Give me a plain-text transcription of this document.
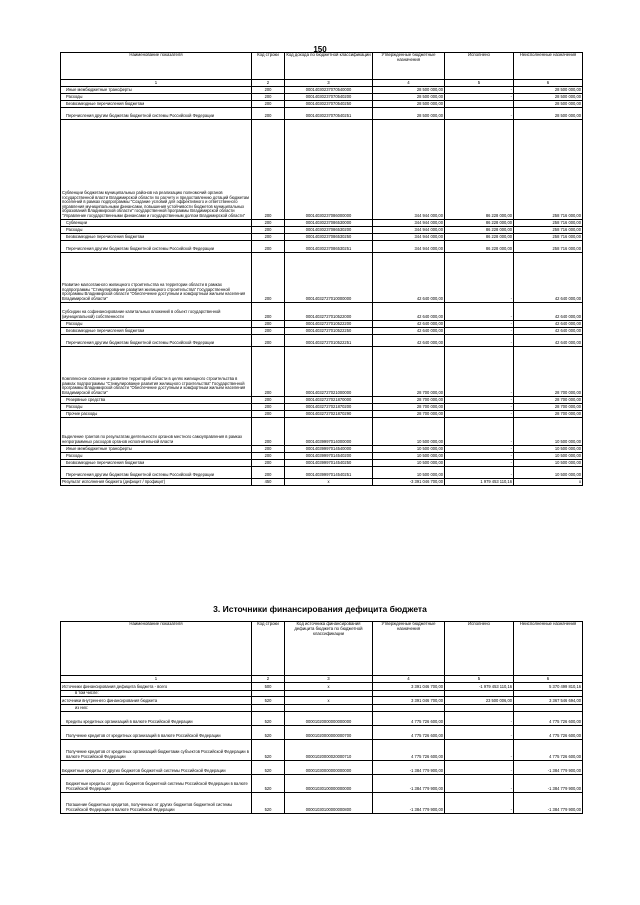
150
Наименование показателя	Код строки	Код дохода по бюджетной классификации	Утвержденные бюджетные назначения	Исполнено	Неисполненные назначения
1	2	3	4	5	6
Иные межбюджетные трансферты	200	00014030237070540000	28 500 000,00	-	28 500 000,00
Расходы	200	00014030237070540200	28 500 000,00	-	28 500 000,00
Безвозмездные перечисления бюджетам	200	00014030237070540250	28 500 000,00		28 500 000,00
Перечисления другим бюджетам бюджетной системы Российской Федерации	200	00014030237070540251	28 500 000,00	-	28 500 000,00
Субвенции бюджетам муниципальных районов на реализацию полномочий органов государственной власти Владимирской области по расчету и предоставлению дотаций бюджетам поселений в рамках подпрограммы "Создание условий для эффективного и ответственного управления муниципальными финансами, повышения устойчивости бюджетов муниципальных образований Владимирской области" государственной программы Владимирской области "Управление государственными финансами и государственным долгом Владимирской области"	200	00014030237086000000	344 944 000,00	86 228 000,00	258 716 000,00
Субвенции	200	00014030237086530000	344 944 000,00	86 228 000,00	258 716 000,00
Расходы	200	00014030237086530200	344 944 000,00	86 228 000,00	258 716 000,00
Безвозмездные перечисления бюджетам	200	00014030237086530250	344 944 000,00	86 228 000,00	258 716 000,00
Перечисления другим бюджетам бюджетной системы Российской Федерации	200	00014030237086530251	344 944 000,00	86 228 000,00	258 716 000,00
Развитие малоэтажного жилищного строительства на территории области в рамках подпрограммы "Стимулирование развития жилищного строительства" Государственной программы Владимирской области "Обеспечение доступным и комфортным жильем населения Владимирской области"	200	00014032727010000000	42 640 000,00	-	42 640 000,00
Субсидии на софинансирование капитальных вложений в объект государственной (муниципальной) собственности	200	00014032727010522000	42 640 000,00	-	42 640 000,00
Расходы	200	00014032727010522200	42 640 000,00	-	42 640 000,00
Безвозмездные перечисления бюджетам	200	00014032727010522250	42 640 000,00	-	42 640 000,00
Перечисления другим бюджетам бюджетной системы Российской Федерации	200	00014032727010522251	42 640 000,00	-	42 640 000,00
Комплексное освоение и развитие территорий области в целях жилищного строительства в рамках подпрограммы "Стимулирование развития жилищного строительства" Государственной программы Владимирской области "Обеспечение доступным и комфортным жильем населения Владимирской области"	200	00014032727021000000	28 700 000,00	-	28 700 000,00
Резервные средства	200	00014032727021870000	28 700 000,00	-	28 700 000,00
Расходы	200	00014032727021870200	28 700 000,00	-	28 700 000,00
Прочие расходы	200	00014032727021870290	28 700 000,00	-	28 700 000,00
Выделение грантов по результатам деятельности органов местного самоуправления в рамках непрограммных расходов органов исполнительной власти	200	00014039997014000000	10 500 000,00	-	10 500 000,00
Иные межбюджетные трансферты	200	00014039997014540000	10 500 000,00	-	10 500 000,00
Расходы	200	00014039997014540200	10 500 000,00	-	10 500 000,00
Безвозмездные перечисления бюджетам	200	00014039997014540250	10 500 000,00	-	10 500 000,00
Перечисления другим бюджетам бюджетной системы Российской Федерации	200	00014039997014540251	10 500 000,00	-	10 500 000,00
Результат исполнения бюджета (дефицит / профицит)	450	x	-3 391 046 700,00	1 979 453 110,16	x
3. Источники финансирования дефицита бюджета
Наименование показателя	Код строки	Код источника финансирования дефицита бюджета по бюджетной классификации	Утвержденные бюджетные назначения	Исполнено	Неисполненные назначения
1	2	3	4	5	6
Источники финансирования дефицита бюджета - всего	500	x	3 391 046 700,00	-1 979 453 110,16	5 370 499 810,16
в том числе:					
источники внутреннего финансирования бюджета	520	x	3 391 046 700,00	23 500 006,00	3 367 546 694,00
из них:					
Кредиты кредитных организаций в валюте Российской Федерации	520	00001020000000000000	4 775 726 600,00	-	4 775 726 600,00
Получение кредитов от кредитных организаций в валюте Российской Федерации	520	00001020000000000700	4 775 726 600,00	-	4 775 726 600,00
Получение кредитов от кредитных организаций бюджетами субъектов Российской Федерации в валюте Российской Федерации	520	00001020000020000710	4 775 726 600,00	-	4 775 726 600,00
Бюджетные кредиты от других бюджетов бюджетной системы Российской Федерации	520	00001030000000000000	-1 384 779 900,00	-	-1 384 779 900,00
Бюджетные кредиты от других бюджетов бюджетной системы Российской Федерации в валюте Российской Федерации	520	00001030100000000000	-1 384 779 900,00	-	-1 384 779 900,00
Погашение бюджетных кредитов, полученных от других бюджетов бюджетной системы Российской Федерации в валюте Российской Федерации	520	00001030100000000800	-1 384 779 900,00	-	-1 384 779 900,00
